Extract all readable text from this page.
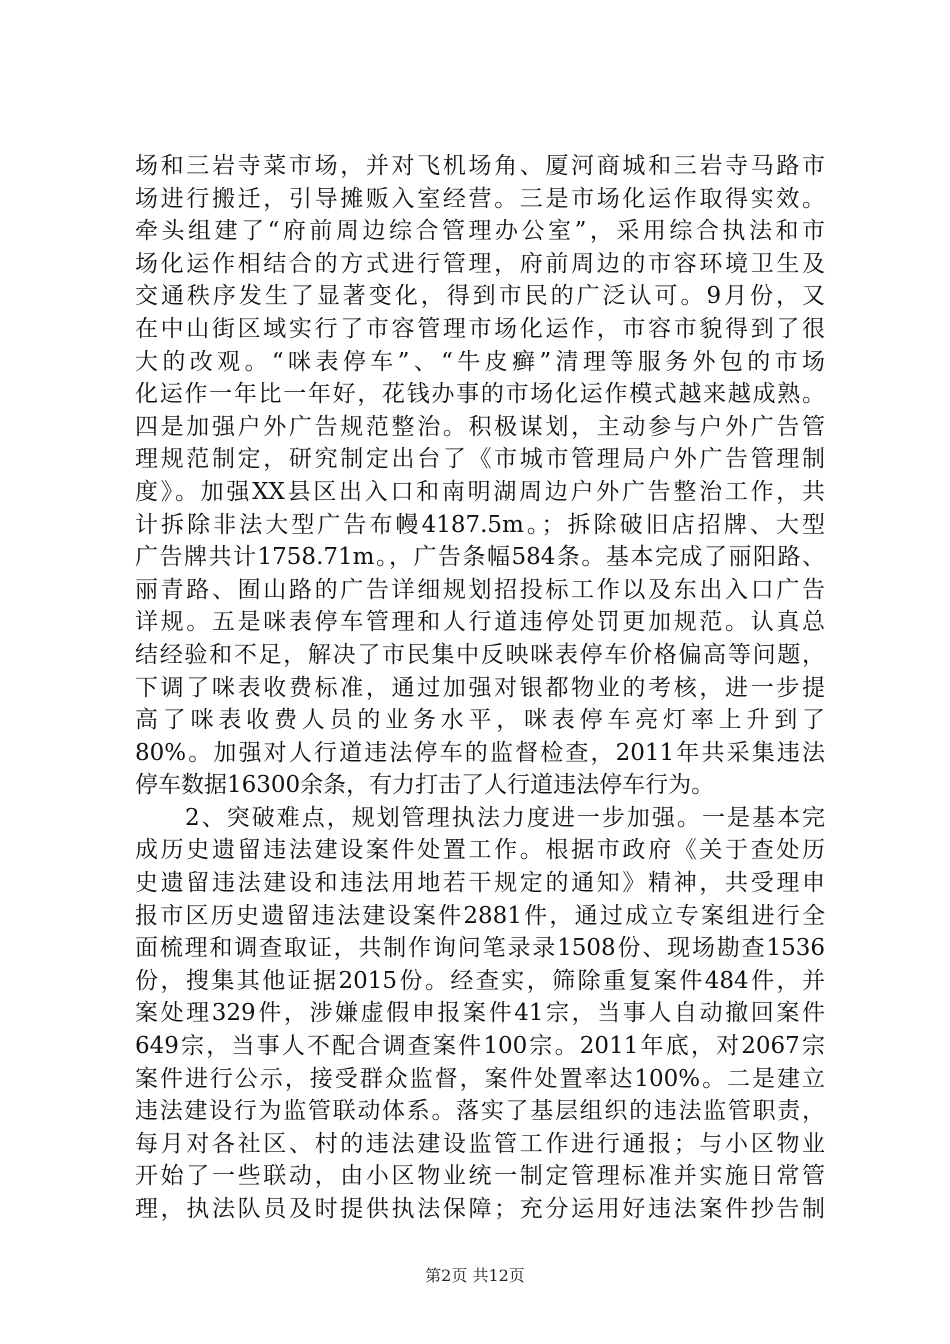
场和三岩寺菜市场，并对飞机场角、厦河商城和三岩寺马路市
场进行搬迁，引导摊贩入室经营。三是市场化运作取得实效。
牵头组建了“府前周边综合管理办公室”，采用综合执法和市
场化运作相结合的方式进行管理，府前周边的市容环境卫生及
交通秩序发生了显著变化，得到市民的广泛认可。9月份，又
在中山街区域实行了市容管理市场化运作，市容市貌得到了很
大的改观。“咪表停车”、“牛皮癣”清理等服务外包的市场
化运作一年比一年好，花钱办事的市场化运作模式越来越成熟。
四是加强户外广告规范整治。积极谋划，主动参与户外广告管
理规范制定，研究制定出台了《市城市管理局户外广告管理制
度》。加强XX县区出入口和南明湖周边户外广告整治工作，共
计拆除非法大型广告布幔4187.5m。；拆除破旧店招牌、大型
广告牌共计1758.71m。，广告条幅584条。基本完成了丽阳路、
丽青路、囿山路的广告详细规划招投标工作以及东出入口广告
详规。五是咪表停车管理和人行道违停处罚更加规范。认真总
结经验和不足，解决了市民集中反映咪表停车价格偏高等问题，
下调了咪表收费标准，通过加强对银都物业的考核，进一步提
高了咪表收费人员的业务水平，咪表停车亮灯率上升到了
80%。加强对人行道违法停车的监督检查，2011年共采集违法
停车数据16300余条，有力打击了人行道违法停车行为。
　　2、突破难点，规划管理执法力度进一步加强。一是基本完
成历史遗留违法建设案件处置工作。根据市政府《关于查处历
史遗留违法建设和违法用地若干规定的通知》精神，共受理申
报市区历史遗留违法建设案件2881件，通过成立专案组进行全
面梳理和调查取证，共制作询问笔录录1508份、现场勘查1536
份，搜集其他证据2015份。经查实，筛除重复案件484件，并
案处理329件，涉嫌虚假申报案件41宗，当事人自动撤回案件
649宗，当事人不配合调查案件100宗。2011年底，对2067宗
案件进行公示，接受群众监督，案件处置率达100%。二是建立
违法建设行为监管联动体系。落实了基层组织的违法监管职责，
每月对各社区、村的违法建设监管工作进行通报；与小区物业
开始了一些联动，由小区物业统一制定管理标准并实施日常管
理，执法队员及时提供执法保障；充分运用好违法案件抄告制
第2页 共12页
